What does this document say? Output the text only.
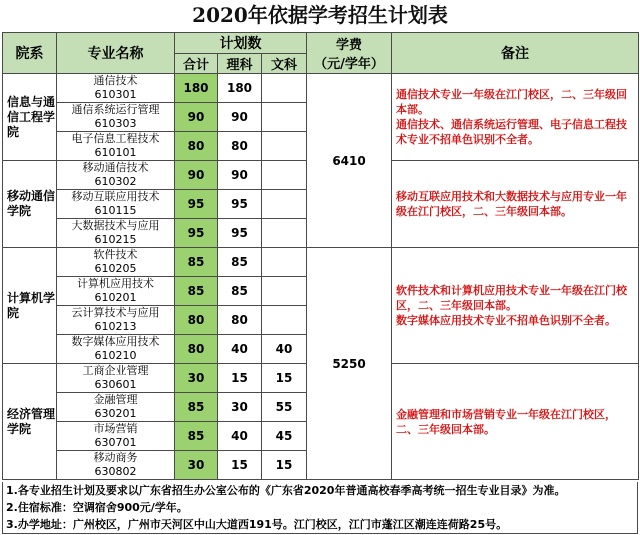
2020年依据学考招生计划表
院系	专业名称	计划数			学费
（元/学年）	备注
		合计	理科	文科		
信息与通信工程学院	通信技术
610301	180	180		6410	通信技术专业一年级在江门校区，二、三年级回本部。
通信技术、通信系统运行管理、电子信息工程技术专业不招单色识别不全者。

	通信系统运行管理
610303	90	90			
	电子信息工程技术
610101	80	80			
移动通信学院	移动通信技术
610302	90	90			移动互联应用技术和大数据技术与应用专业一年级在江门校区，二、三年级回本部。

	移动互联应用技术
610115	95	95			
	大数据技术与应用
610215	95	95			
计算机学院	软件技术
610205	85	85		5250	软件技术和计算机应用技术专业一年级在江门校区，二、三年级回本部。
数字媒体应用技术专业不招单色识别不全者。

	计算机应用技术
610201	85	85			
	云计算技术与应用
610213	80	80			
	数字媒体应用技术
610210	80	40	40		
经济管理学院	工商企业管理
630601	30	15	15		金融管理和市场营销专业一年级在江门校区，二、三年级回本部。

	金融管理
630201	85	30	55		
	市场营销
630701	85	40	45		
	移动商务
630802	30	15	15		
1.各专业招生计划及要求以广东省招生办公室公布的《广东省2020年普通高校春季高考统一招生专业目录》为准。
2.住宿标准：空调宿舍900元/学年。
3.办学地址：广州校区，广州市天河区中山大道西191号。江门校区，江门市蓬江区潮连连荷路25号。
